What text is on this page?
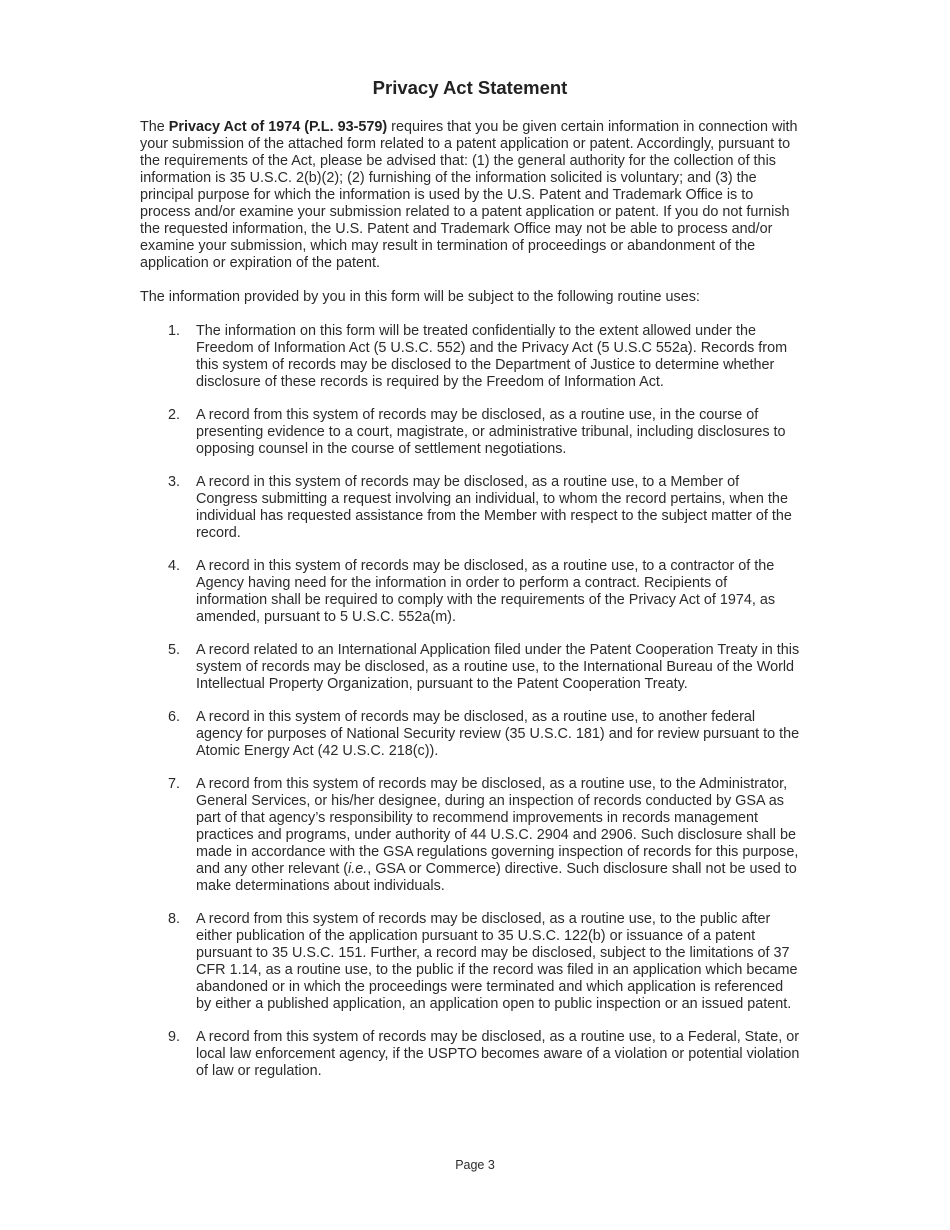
Privacy Act Statement

The Privacy Act of 1974 (P.L. 93-579) requires that you be given certain information in connection with your submission of the attached form related to a patent application or patent. Accordingly, pursuant to the requirements of the Act, please be advised that: (1) the general authority for the collection of this information is 35 U.S.C. 2(b)(2); (2) furnishing of the information solicited is voluntary; and (3) the principal purpose for which the information is used by the U.S. Patent and Trademark Office is to process and/or examine your submission related to a patent application or patent. If you do not furnish the requested information, the U.S. Patent and Trademark Office may not be able to process and/or examine your submission, which may result in termination of proceedings or abandonment of the application or expiration of the patent.

The information provided by you in this form will be subject to the following routine uses:

1. The information on this form will be treated confidentially to the extent allowed under the Freedom of Information Act (5 U.S.C. 552) and the Privacy Act (5 U.S.C 552a). Records from this system of records may be disclosed to the Department of Justice to determine whether disclosure of these records is required by the Freedom of Information Act.
2. A record from this system of records may be disclosed, as a routine use, in the course of presenting evidence to a court, magistrate, or administrative tribunal, including disclosures to opposing counsel in the course of settlement negotiations.
3. A record in this system of records may be disclosed, as a routine use, to a Member of Congress submitting a request involving an individual, to whom the record pertains, when the individual has requested assistance from the Member with respect to the subject matter of the record.
4. A record in this system of records may be disclosed, as a routine use, to a contractor of the Agency having need for the information in order to perform a contract. Recipients of information shall be required to comply with the requirements of the Privacy Act of 1974, as amended, pursuant to 5 U.S.C. 552a(m).
5. A record related to an International Application filed under the Patent Cooperation Treaty in this system of records may be disclosed, as a routine use, to the International Bureau of the World Intellectual Property Organization, pursuant to the Patent Cooperation Treaty.
6. A record in this system of records may be disclosed, as a routine use, to another federal agency for purposes of National Security review (35 U.S.C. 181) and for review pursuant to the Atomic Energy Act (42 U.S.C. 218(c)).
7. A record from this system of records may be disclosed, as a routine use, to the Administrator, General Services, or his/her designee, during an inspection of records conducted by GSA as part of that agency’s responsibility to recommend improvements in records management practices and programs, under authority of 44 U.S.C. 2904 and 2906. Such disclosure shall be made in accordance with the GSA regulations governing inspection of records for this purpose, and any other relevant (i.e., GSA or Commerce) directive. Such disclosure shall not be used to make determinations about individuals.
8. A record from this system of records may be disclosed, as a routine use, to the public after either publication of the application pursuant to 35 U.S.C. 122(b) or issuance of a patent pursuant to 35 U.S.C. 151. Further, a record may be disclosed, subject to the limitations of 37 CFR 1.14, as a routine use, to the public if the record was filed in an application which became abandoned or in which the proceedings were terminated and which application is referenced by either a published application, an application open to public inspection or an issued patent.
9. A record from this system of records may be disclosed, as a routine use, to a Federal, State, or local law enforcement agency, if the USPTO becomes aware of a violation or potential violation of law or regulation.
Page 3
